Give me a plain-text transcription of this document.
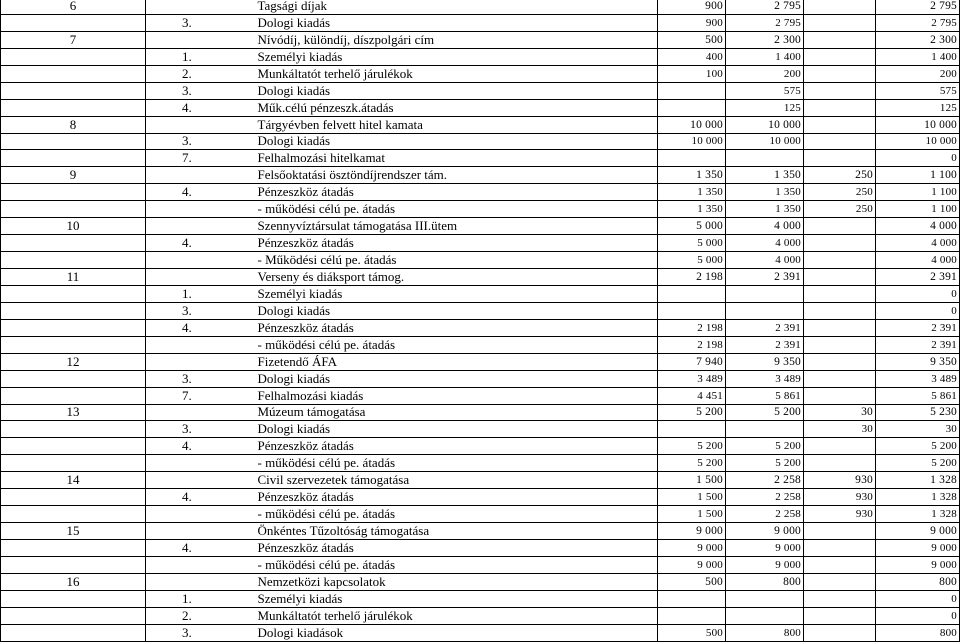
6		Tagsági díjak	900	2 795		2 795
	3.	Dologi kiadás	900	2 795		2 795
7		Nívódíj, különdíj, díszpolgári cím	500	2 300		2 300
	1.	Személyi kiadás	400	1 400		1 400
	2.	Munkáltatót terhelő járulékok	100	200		200
	3.	Dologi kiadás		575		575
	4.	Műk.célú pénzeszk.átadás		125		125
8		Tárgyévben felvett hitel kamata	10 000	10 000		10 000
	3.	Dologi kiadás	10 000	10 000		10 000
	7.	Felhalmozási hitelkamat				0
9		Felsőoktatási ösztöndíjrendszer tám.	1 350	1 350	250	1 100
	4.	Pénzeszköz átadás	1 350	1 350	250	1 100
		- működési célú pe. átadás	1 350	1 350	250	1 100
10		Szennyvíztársulat támogatása III.ütem	5 000	4 000		4 000
	4.	Pénzeszköz átadás	5 000	4 000		4 000
		- Működési célú pe. átadás	5 000	4 000		4 000
11		Verseny és diáksport támog.	2 198	2 391		2 391
	1.	Személyi kiadás				0
	3.	Dologi kiadás				0
	4.	Pénzeszköz átadás	2 198	2 391		2 391
		- működési célú pe. átadás	2 198	2 391		2 391
12		Fizetendő ÁFA	7 940	9 350		9 350
	3.	Dologi kiadás	3 489	3 489		3 489
	7.	Felhalmozási kiadás	4 451	5 861		5 861
13		Múzeum támogatása	5 200	5 200	30	5 230
	3.	Dologi kiadás			30	30
	4.	Pénzeszköz átadás	5 200	5 200		5 200
		- működési célú pe. átadás	5 200	5 200		5 200
14		Civil szervezetek támogatása	1 500	2 258	930	1 328
	4.	Pénzeszköz átadás	1 500	2 258	930	1 328
		- működési célú pe. átadás	1 500	2 258	930	1 328
15		Önkéntes Tűzoltóság támogatása	9 000	9 000		9 000
	4.	Pénzeszköz átadás	9 000	9 000		9 000
		- működési célú pe. átadás	9 000	9 000		9 000
16		Nemzetközi kapcsolatok	500	800		800
	1.	Személyi kiadás				0
	2.	Munkáltatót terhelő járulékok				0
	3.	Dologi kiadások	500	800		800
